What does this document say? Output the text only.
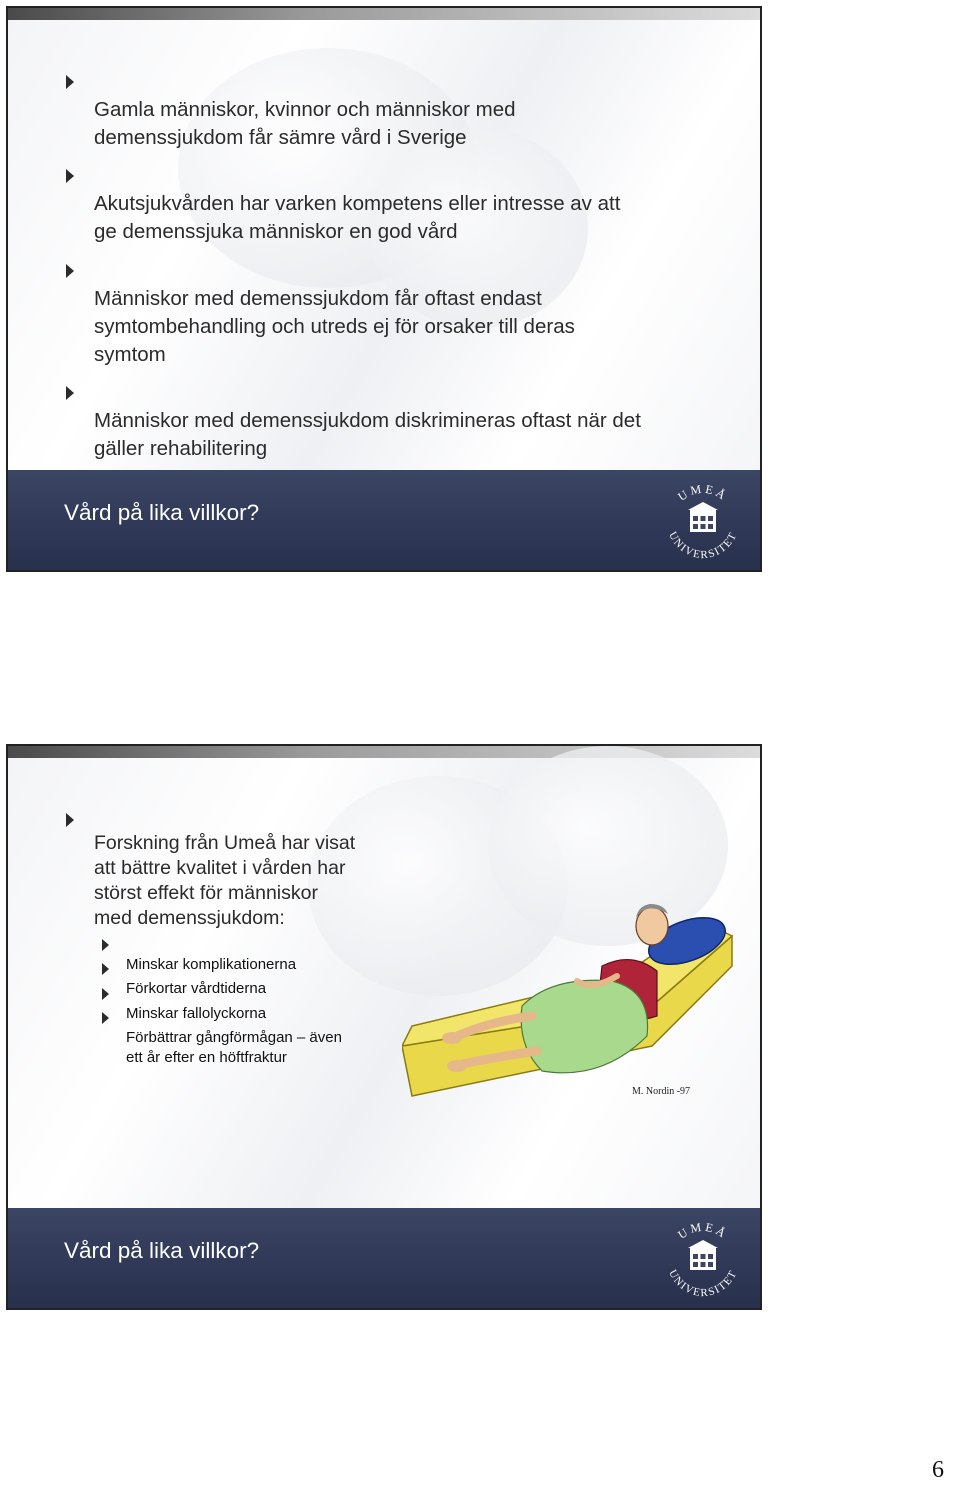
Gamla människor, kvinnor och människor med
demenssjukdom får sämre vård i Sverige

Akutsjukvården har varken kompetens eller intresse av att
ge demenssjuka människor en god vård

Människor med demenssjukdom får oftast endast
symtombehandling och utreds ej för orsaker till deras
symtom

Människor med demenssjukdom diskrimineras oftast när det
gäller rehabilitering

Vård på lika villkor?
UMEÅ
UNIVERSITET

Forskning från Umeå har visat
att bättre kvalitet i vården har
störst effekt för människor
med demenssjukdom:

Minskar komplikationerna

Förkortar vårdtiderna

Minskar fallolyckorna

Förbättrar gångförmågan – även
ett år efter en höftfraktur

M. Nordin -97
Vård på lika villkor?
UMEÅ
UNIVERSITET
6
